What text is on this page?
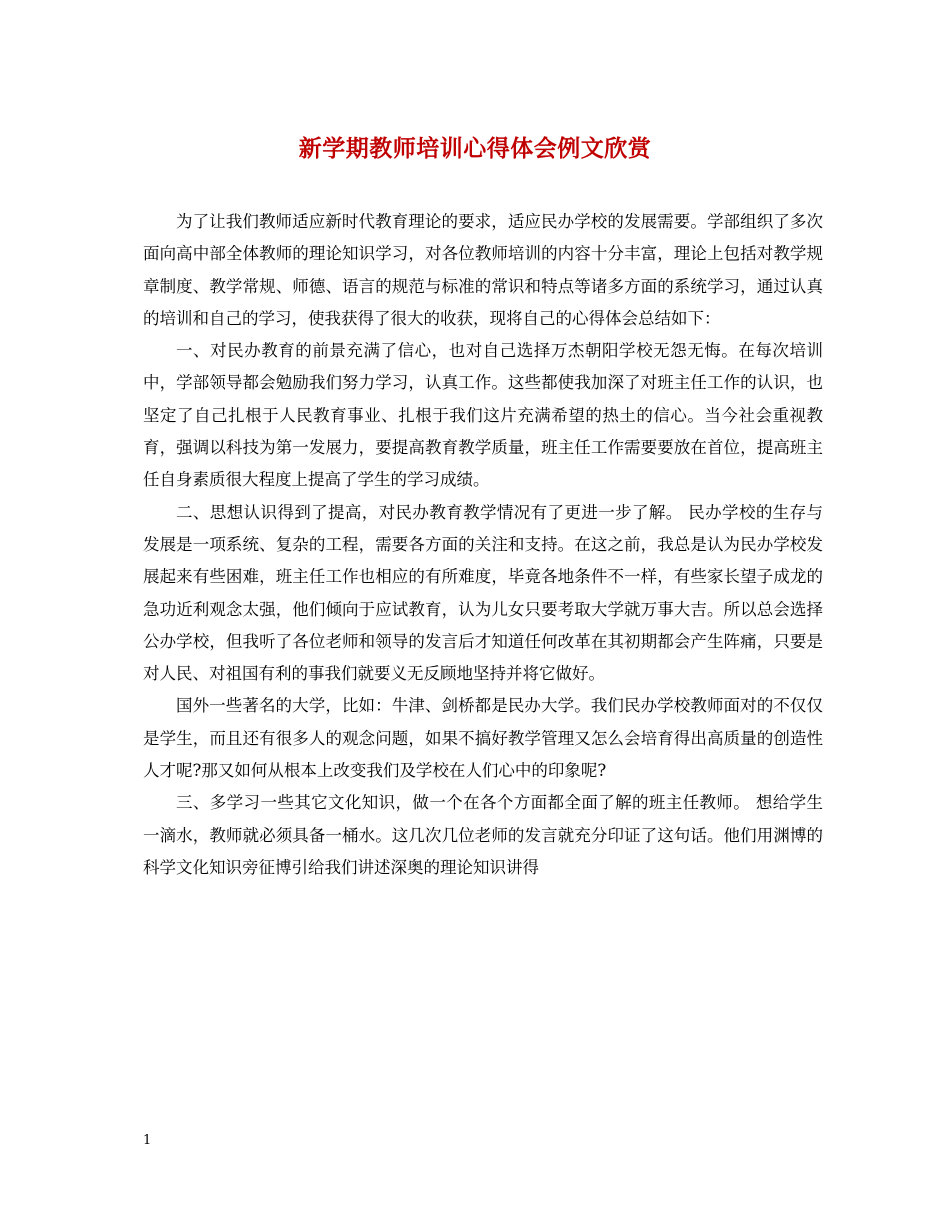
新学期教师培训心得体会例文欣赏

为了让我们教师适应新时代教育理论的要求，适应民办学校的发展需要。学部组织了多次面向高中部全体教师的理论知识学习，对各位教师培训的内容十分丰富，理论上包括对教学规章制度、教学常规、师德、语言的规范与标准的常识和特点等诸多方面的系统学习，通过认真的培训和自己的学习，使我获得了很大的收获，现将自己的心得体会总结如下：

一、对民办教育的前景充满了信心，也对自己选择万杰朝阳学校无怨无悔。在每次培训中，学部领导都会勉励我们努力学习，认真工作。这些都使我加深了对班主任工作的认识，也坚定了自己扎根于人民教育事业、扎根于我们这片充满希望的热土的信心。当今社会重视教育，强调以科技为第一发展力，要提高教育教学质量，班主任工作需要要放在首位，提高班主任自身素质很大程度上提高了学生的学习成绩。

二、思想认识得到了提高，对民办教育教学情况有了更进一步了解。 民办学校的生存与发展是一项系统、复杂的工程，需要各方面的关注和支持。在这之前，我总是认为民办学校发展起来有些困难，班主任工作也相应的有所难度，毕竟各地条件不一样，有些家长望子成龙的急功近利观念太强，他们倾向于应试教育，认为儿女只要考取大学就万事大吉。所以总会选择公办学校，但我听了各位老师和领导的发言后才知道任何改革在其初期都会产生阵痛，只要是对人民、对祖国有利的事我们就要义无反顾地坚持并将它做好。

国外一些著名的大学，比如：牛津、剑桥都是民办大学。我们民办学校教师面对的不仅仅是学生，而且还有很多人的观念问题，如果不搞好教学管理又怎么会培育得出高质量的创造性人才呢?那又如何从根本上改变我们及学校在人们心中的印象呢?

三、多学习一些其它文化知识，做一个在各个方面都全面了解的班主任教师。 想给学生一滴水，教师就必须具备一桶水。这几次几位老师的发言就充分印证了这句话。他们用渊博的科学文化知识旁征博引给我们讲述深奥的理论知识讲得

1
